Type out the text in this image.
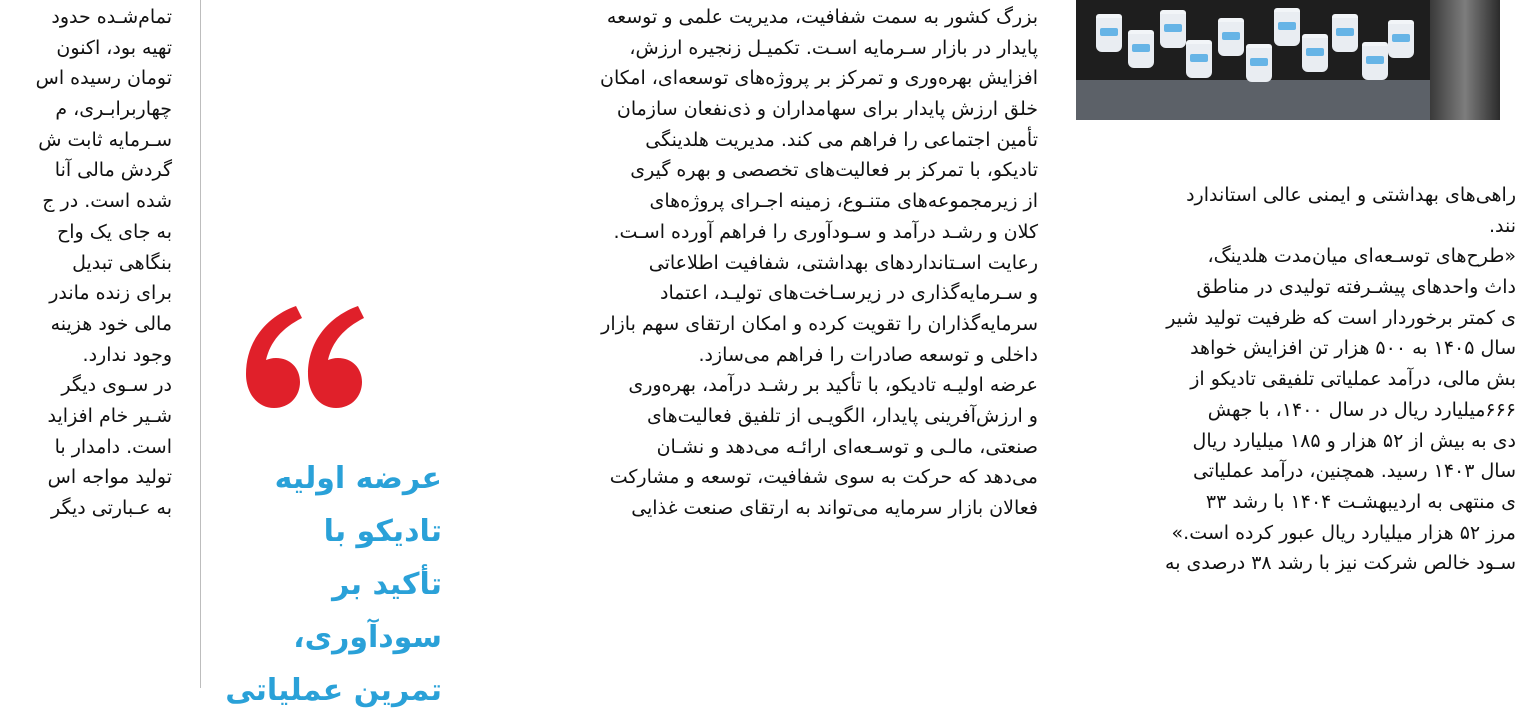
تمام‌شـده حدود
تهیه بود، اکنون
تومان رسیده اس
چهاربرابـری، م
سـرمایه ثابت ش
گردش مالی آنا
شده است. در ج
به جای یک واح
بنگاهی تبدیل
برای زنده ماندر
مالی خود هزینه
وجود ندارد.
در سـوی دیگر
شـیر خام افزاید
است. دامدار با
تولید مواجه اس
به عـبارتی دیگر
عرضه اولیه
تادیکو با
تأکید بر
سودآوری،
تمرین عملیاتی
بزرگ کشور به سمت شفافیت، مدیریت علمی و توسعه
پایدار در بازار سـرمایه اسـت. تکمیـل زنجیره ارزش،
افزایش بهره‌وری و تمرکز بر پروژه‌های توسعه‌ای، امکان
خلق ارزش پایدار برای سهامداران و ذی‌نفعان سازمان
تأمین اجتماعی را فراهم می کند. مدیریت هلدینگی
تادیکو، با تمرکز بر فعالیت‌های تخصصی و بهره گیری
از زیرمجموعه‌های متنـوع، زمینه اجـرای پروژه‌های
کلان و رشـد درآمد و سـودآوری را فراهم آورده اسـت.
رعایت اسـتانداردهای بهداشتی، شفافیت اطلاعاتی
و سـرمایه‌گذاری در زیرسـاخت‌های تولیـد، اعتماد
سرمایه‌گذاران را تقویت کرده و امکان ارتقای سهم بازار
داخلی و توسعه صادرات را فراهم می‌سازد.
عرضه اولیـه تادیکو، با تأکید بر رشـد درآمد، بهره‌وری
و ارزش‌آفرینی پایدار، الگویـی از تلفیق فعالیت‌های
صنعتی، مالـی و توسـعه‌ای ارائـه می‌دهد و نشـان
می‌دهد که حرکت به سوی شفافیت، توسعه و مشارکت
فعالان بازار سرمایه می‌تواند به ارتقای صنعت غذایی
راهی‌های بهداشتی و ایمنی عالی استاندارد
نند.
«طرح‌های توسـعه‌ای میان‌مدت هلدینگ،
داث واحدهای پیشـرفته تولیدی در مناطق
ی کمتر برخوردار است که ظرفیت تولید شیر
سال ۱۴۰۵ به ۵۰۰ هزار تن افزایش خواهد
بش مالی، درآمد عملیاتی تلفیقی تادیکو از
۶۶۶میلیارد ریال در سال ۱۴۰۰، با جهش
دی به بیش از ۵۲ هزار و ۱۸۵ میلیارد ریال
سال ۱۴۰۳ رسید. همچنین، درآمد عملیاتی
ی منتهی به اردیبهشـت ۱۴۰۴ با رشد ۳۳
مرز ۵۲ هزار میلیارد ریال عبور کرده است.»
سـود خالص شرکت نیز با رشد ۳۸ درصدی به
